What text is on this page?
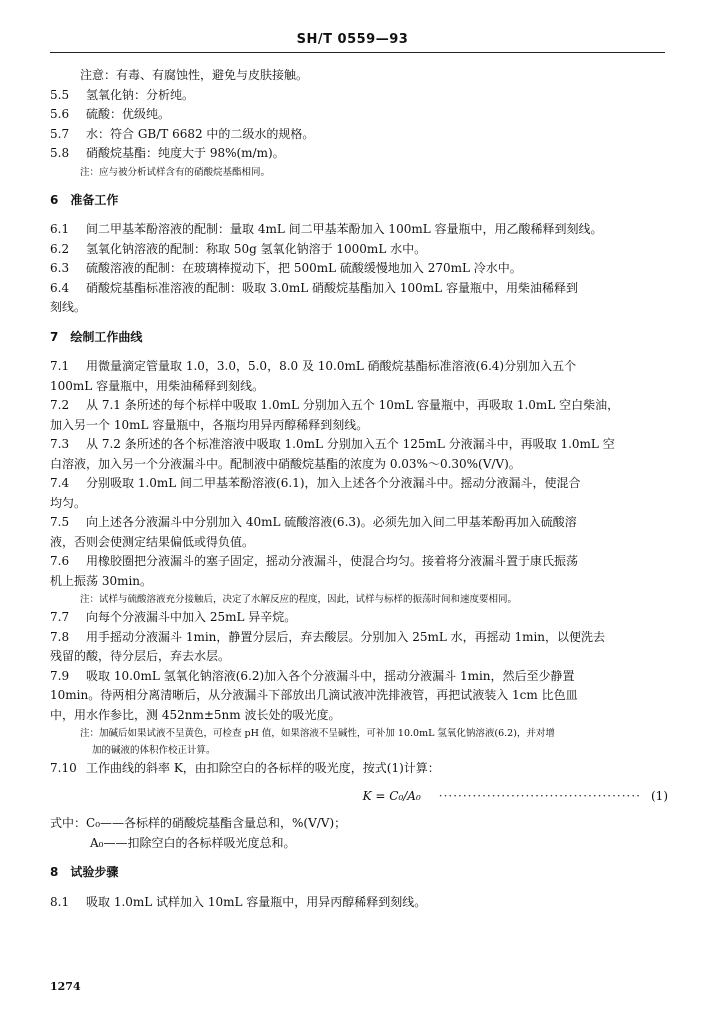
SH/T 0559—93
注意：有毒、有腐蚀性，避免与皮肤接触。
5.5 氢氧化钠：分析纯。
5.6 硫酸：优级纯。
5.7 水：符合 GB/T 6682 中的二级水的规格。
5.8 硝酸烷基酯：纯度大于 98%(m/m)。
注：应与被分析试样含有的硝酸烷基酯相同。
6　准备工作
6.1 间二甲基苯酚溶液的配制：量取 4mL 间二甲基苯酚加入 100mL 容量瓶中，用乙酸稀释到刻线。
6.2 氢氧化钠溶液的配制：称取 50g 氢氧化钠溶于 1000mL 水中。
6.3 硫酸溶液的配制：在玻璃棒搅动下，把 500mL 硫酸缓慢地加入 270mL 冷水中。
6.4 硝酸烷基酯标准溶液的配制：吸取 3.0mL 硝酸烷基酯加入 100mL 容量瓶中，用柴油稀释到
刻线。
7　绘制工作曲线
7.1 用微量滴定管量取 1.0，3.0，5.0，8.0 及 10.0mL 硝酸烷基酯标准溶液(6.4)分别加入五个
100mL 容量瓶中，用柴油稀释到刻线。
7.2 从 7.1 条所述的每个标样中吸取 1.0mL 分别加入五个 10mL 容量瓶中，再吸取 1.0mL 空白柴油，
加入另一个 10mL 容量瓶中，各瓶均用异丙醇稀释到刻线。
7.3 从 7.2 条所述的各个标准溶液中吸取 1.0mL 分别加入五个 125mL 分液漏斗中，再吸取 1.0mL 空
白溶液，加入另一个分液漏斗中。配制液中硝酸烷基酯的浓度为 0.03%～0.30%(V/V)。
7.4 分别吸取 1.0mL 间二甲基苯酚溶液(6.1)，加入上述各个分液漏斗中。摇动分液漏斗，使混合
均匀。
7.5 向上述各分液漏斗中分别加入 40mL 硫酸溶液(6.3)。必须先加入间二甲基苯酚再加入硫酸溶
液，否则会使测定结果偏低或得负值。
7.6 用橡胶圈把分液漏斗的塞子固定，摇动分液漏斗，使混合均匀。接着将分液漏斗置于康氏振荡
机上振荡 30min。
注：试样与硫酸溶液充分接触后，决定了水解反应的程度，因此，试样与标样的振荡时间和速度要相同。
7.7 向每个分液漏斗中加入 25mL 异辛烷。
7.8 用手摇动分液漏斗 1min，静置分层后，弃去酸层。分别加入 25mL 水，再摇动 1min，以便洗去
残留的酸，待分层后，弃去水层。
7.9 吸取 10.0mL 氢氧化钠溶液(6.2)加入各个分液漏斗中，摇动分液漏斗 1min，然后至少静置
10min。待两相分离清晰后，从分液漏斗下部放出几滴试液冲洗排液管，再把试液装入 1cm 比色皿
中，用水作参比，测 452nm±5nm 波长处的吸光度。
注：加碱后如果试液不呈黄色，可检查 pH 值，如果溶液不呈碱性，可补加 10.0mL 氢氧化钠溶液(6.2)，并对增
加的碱液的体积作校正计算。
7.10 工作曲线的斜率 K，由扣除空白的各标样的吸光度，按式(1)计算：
K = C₀/A₀ ·········································· (1)
式中：C₀——各标样的硝酸烷基酯含量总和，%(V/V)；
A₀——扣除空白的各标样吸光度总和。
8　试验步骤
8.1 吸取 1.0mL 试样加入 10mL 容量瓶中，用异丙醇稀释到刻线。
1274
